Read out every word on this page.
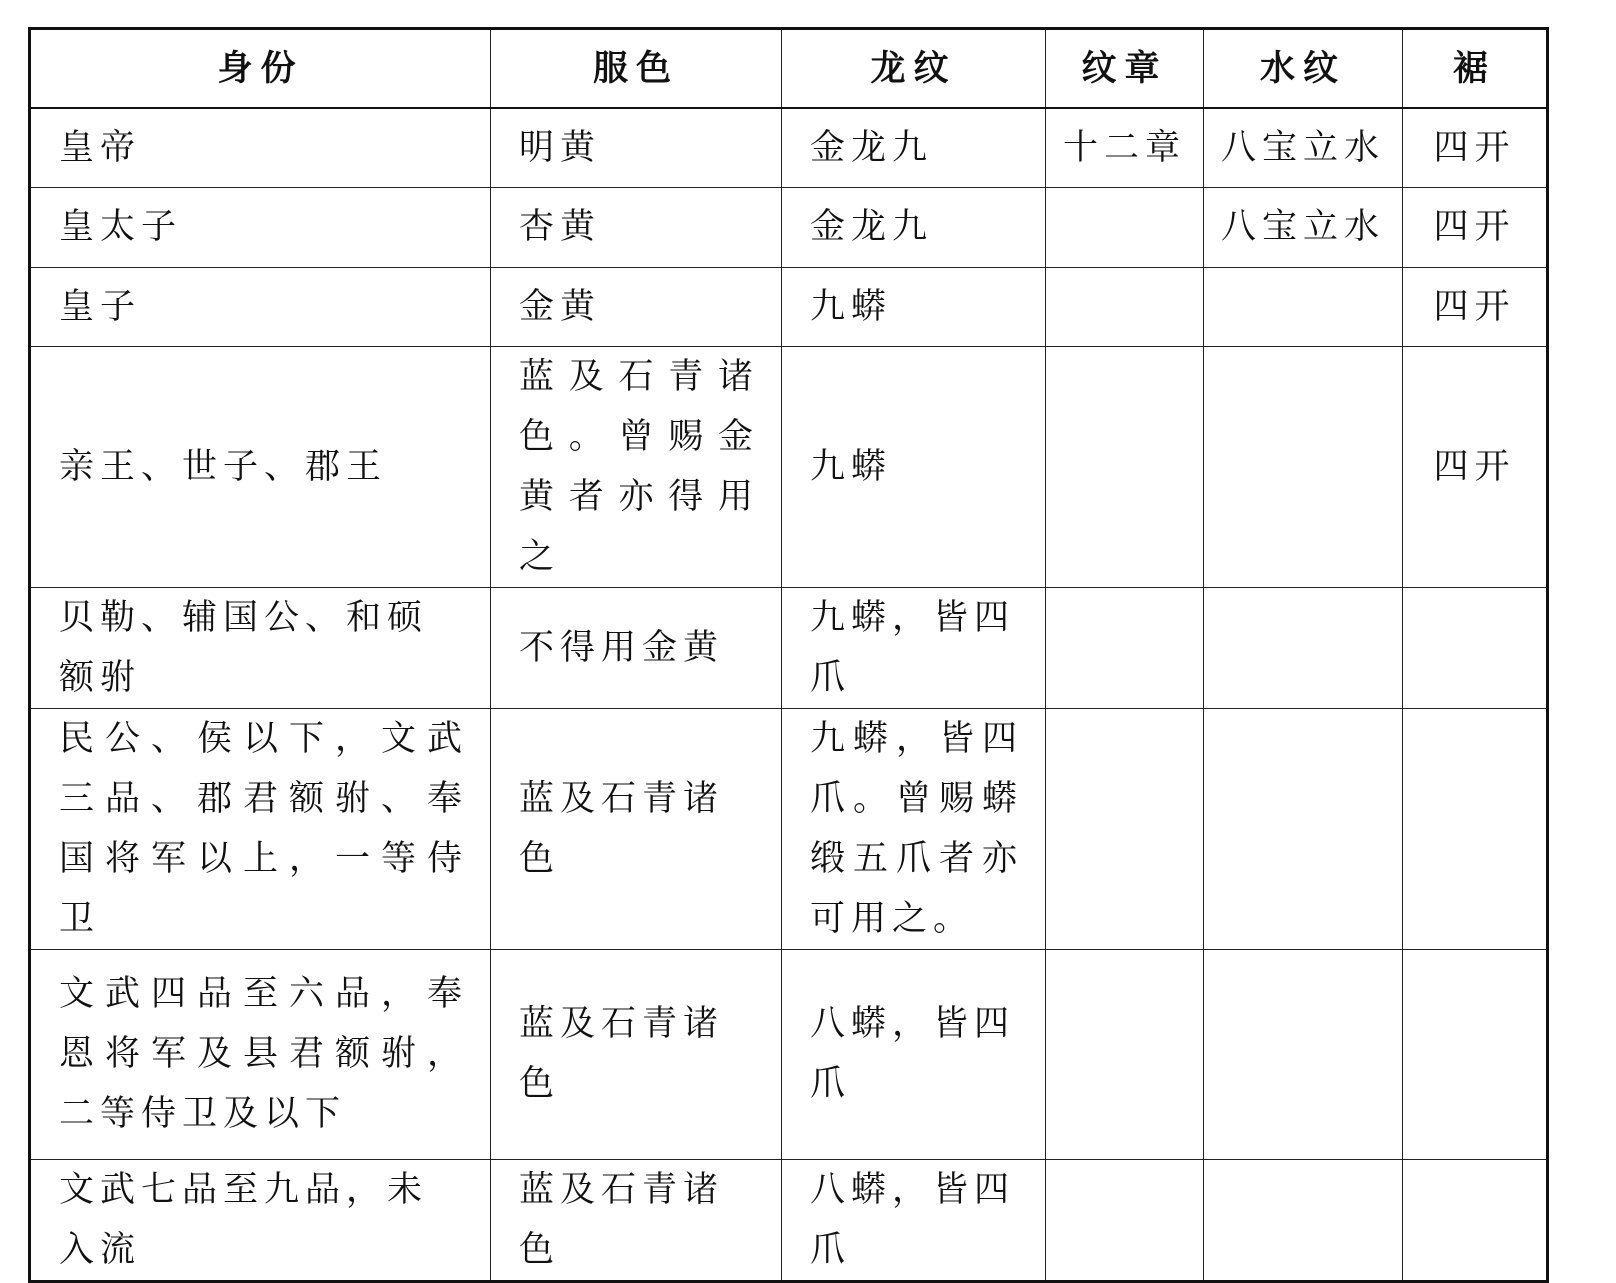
身份	服色	龙纹	纹章	水纹	裾
皇帝	明黄	金龙九	十二章	八宝立水	四开
皇太子	杏黄	金龙九		八宝立水	四开
皇子	金黄	九蟒			四开
亲王、世子、郡王	蓝及石青诸色。曾赐金黄者亦得用之	九蟒			四开
贝勒、辅国公、和硕额驸	不得用金黄	九蟒，皆四爪			
民公、侯以下，文武三品、郡君额驸、奉国将军以上，一等侍卫	蓝及石青诸色	九蟒，皆四爪。曾赐蟒缎五爪者亦可用之。			
文武四品至六品，奉恩将军及县君额驸，二等侍卫及以下	蓝及石青诸色	八蟒，皆四爪			
文武七品至九品，未入流	蓝及石青诸色	八蟒，皆四爪			
